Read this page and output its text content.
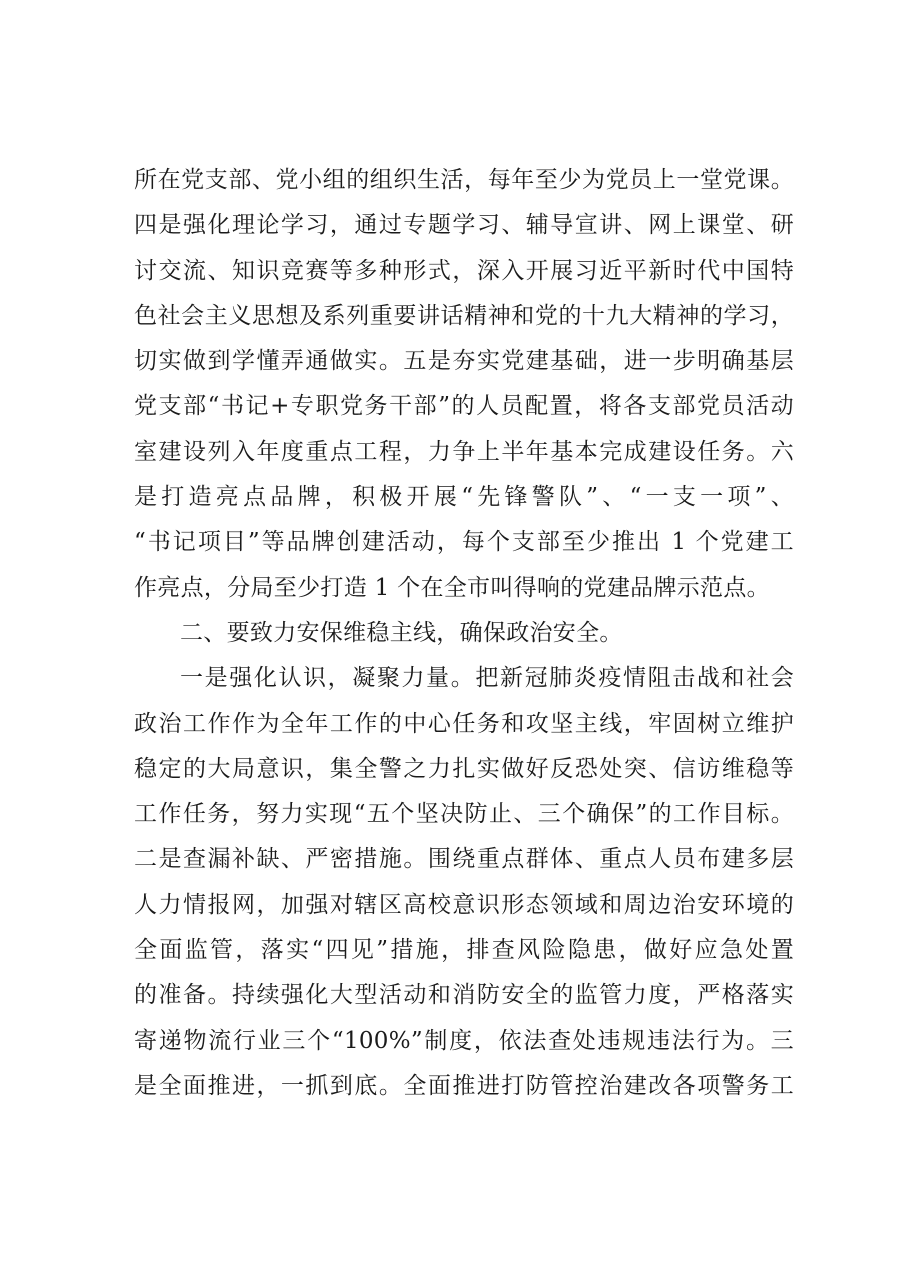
所在党支部、党小组的组织生活，每年至少为党员上一堂党课。
四是强化理论学习，通过专题学习、辅导宣讲、网上课堂、研
讨交流、知识竞赛等多种形式，深入开展习近平新时代中国特
色社会主义思想及系列重要讲话精神和党的十九大精神的学习，
切实做到学懂弄通做实。五是夯实党建基础，进一步明确基层
党支部“书记+专职党务干部”的人员配置，将各支部党员活动
室建设列入年度重点工程，力争上半年基本完成建设任务。六
是打造亮点品牌，积极开展“先锋警队”、“一支一项”、
“书记项目”等品牌创建活动，每个支部至少推出 1 个党建工
作亮点，分局至少打造 1 个在全市叫得响的党建品牌示范点。
二、要致力安保维稳主线，确保政治安全。
一是强化认识，凝聚力量。把新冠肺炎疫情阻击战和社会
政治工作作为全年工作的中心任务和攻坚主线，牢固树立维护
稳定的大局意识，集全警之力扎实做好反恐处突、信访维稳等
工作任务，努力实现“五个坚决防止、三个确保”的工作目标。
二是查漏补缺、严密措施。围绕重点群体、重点人员布建多层
人力情报网，加强对辖区高校意识形态领域和周边治安环境的
全面监管，落实“四见”措施，排查风险隐患，做好应急处置
的准备。持续强化大型活动和消防安全的监管力度，严格落实
寄递物流行业三个“100%”制度，依法查处违规违法行为。三
是全面推进，一抓到底。全面推进打防管控治建改各项警务工
